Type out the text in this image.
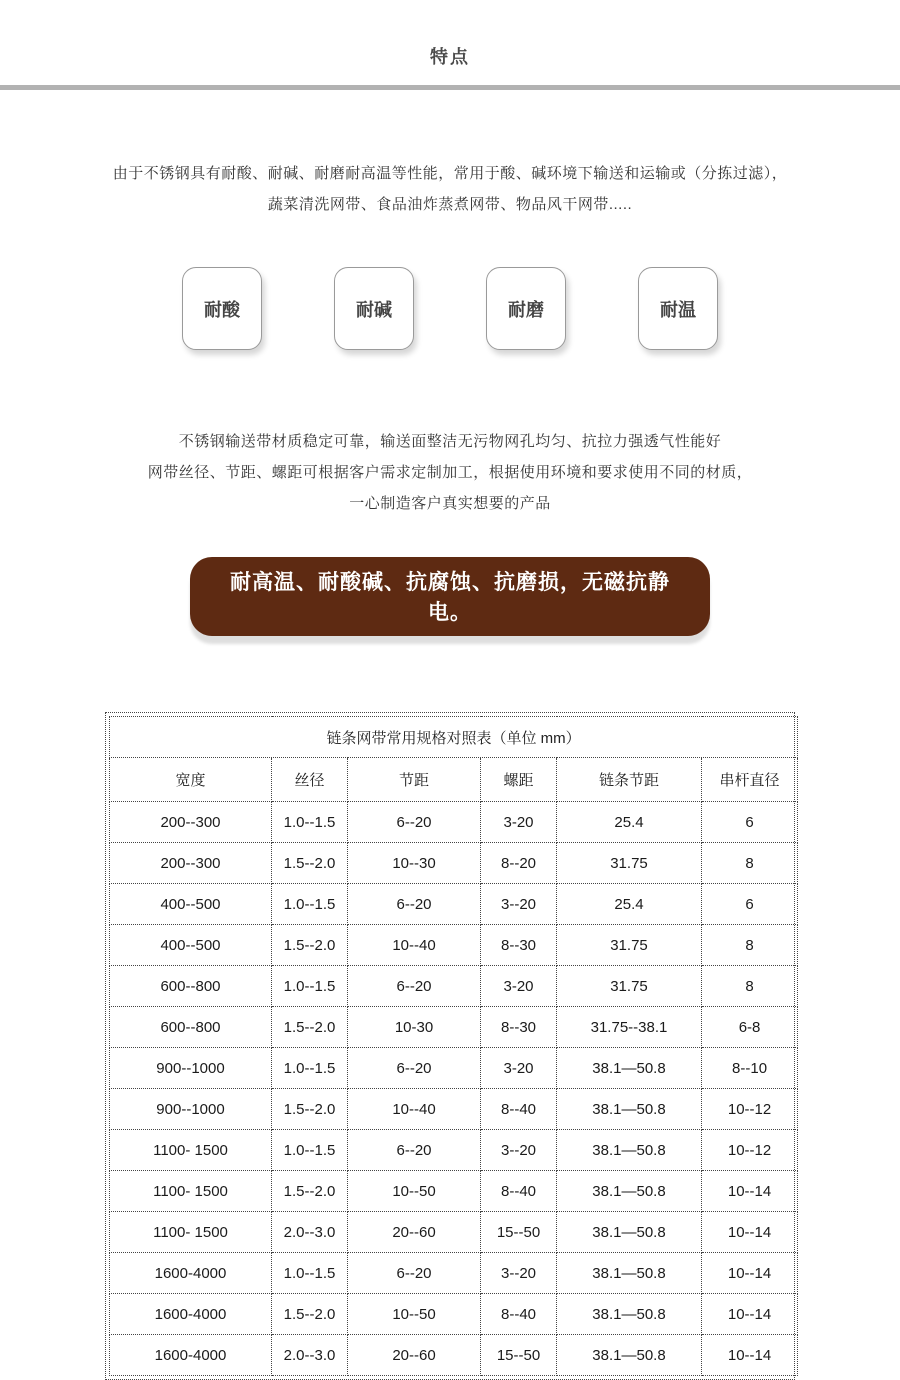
特点
由于不锈钢具有耐酸、耐碱、耐磨耐高温等性能，常用于酸、碱环境下输送和运输或（分拣过滤），
蔬菜清洗网带、食品油炸蒸煮网带、物品风干网带.....
耐酸	耐碱	耐磨	耐温
不锈钢输送带材质稳定可靠，输送面整洁无污物网孔均匀、抗拉力强透气性能好
网带丝径、节距、螺距可根据客户需求定制加工，根据使用环境和要求使用不同的材质，
一心制造客户真实想要的产品
耐高温、耐酸碱、抗腐蚀、抗磨损，无磁抗静电。
链条网带常用规格对照表（单位 mm）					
宽度	丝径	节距	螺距	链条节距	串杆直径
200--300	1.0--1.5	6--20	3-20	25.4	6
200--300	1.5--2.0	10--30	8--20	31.75	8
400--500	1.0--1.5	6--20	3--20	25.4	6
400--500	1.5--2.0	10--40	8--30	31.75	8
600--800	1.0--1.5	6--20	3-20	31.75	8
600--800	1.5--2.0	10-30	8--30	31.75--38.1	6-8
900--1000	1.0--1.5	6--20	3-20	38.1—50.8	8--10
900--1000	1.5--2.0	10--40	8--40	38.1—50.8	10--12
1100- 1500	1.0--1.5	6--20	3--20	38.1—50.8	10--12
1100- 1500	1.5--2.0	10--50	8--40	38.1—50.8	10--14
1100- 1500	2.0--3.0	20--60	15--50	38.1—50.8	10--14
1600-4000	1.0--1.5	6--20	3--20	38.1—50.8	10--14
1600-4000	1.5--2.0	10--50	8--40	38.1—50.8	10--14
1600-4000	2.0--3.0	20--60	15--50	38.1—50.8	10--14
